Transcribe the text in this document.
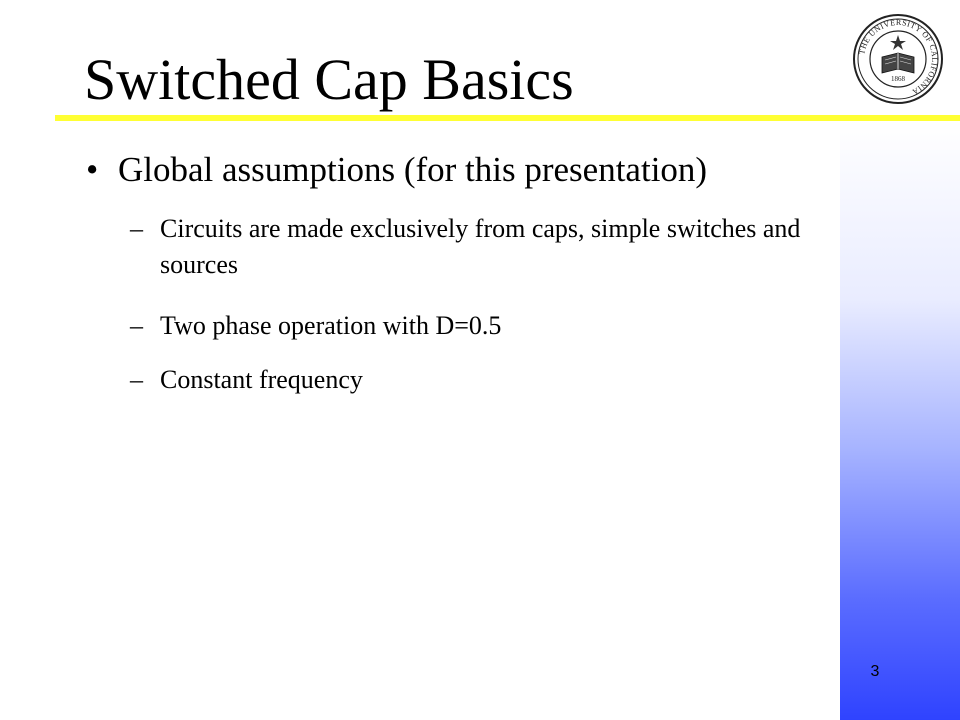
Switched Cap Basics	THE UNIVERSITY OF CALIFORNIA
1868
• Global assumptions (for this presentation)
– Circuits are made exclusively from caps, simple switches and sources
– Two phase operation with D=0.5
– Constant frequency
3
